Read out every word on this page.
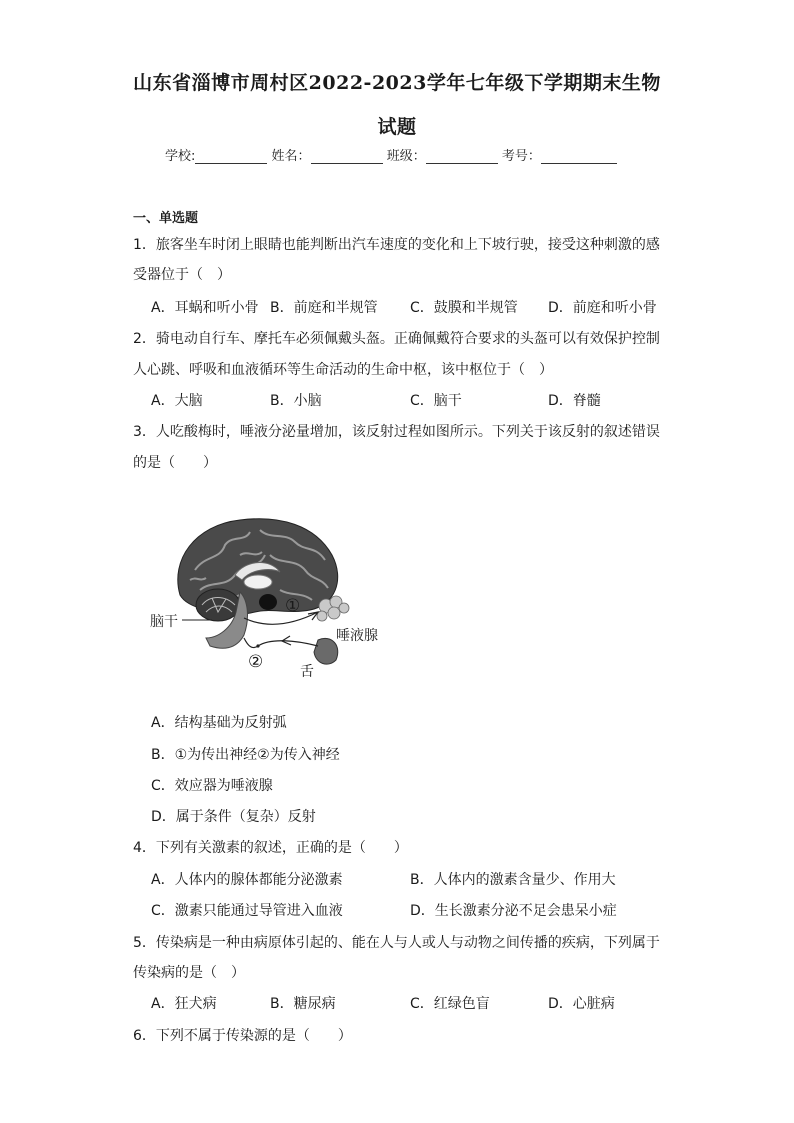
山东省淄博市周村区2022-2023学年七年级下学期期末生物
试题
学校:	姓名：	班级：	考号：
一、单选题
1．旅客坐车时闭上眼睛也能判断出汽车速度的变化和上下坡行驶，接受这种刺激的感
受器位于（　）
A．耳蜗和听小骨 B．前庭和半规管 C．鼓膜和半规管 D．前庭和听小骨
2．骑电动自行车、摩托车必须佩戴头盔。正确佩戴符合要求的头盔可以有效保护控制
人心跳、呼吸和血液循环等生命活动的生命中枢，该中枢位于（　）
A．大脑	B．小脑	C．脑干	D．脊髓
3．人吃酸梅时，唾液分泌量增加，该反射过程如图所示。下列关于该反射的叙述错误
的是（　　）
脑干
①
②
唾液腺
舌
A．结构基础为反射弧
B．①为传出神经②为传入神经
C．效应器为唾液腺
D．属于条件（复杂）反射
4．下列有关激素的叙述，正确的是（　　）
A．人体内的腺体都能分泌激素	B．人体内的激素含量少、作用大
C．激素只能通过导管进入血液	D．生长激素分泌不足会患呆小症
5．传染病是一种由病原体引起的、能在人与人或人与动物之间传播的疾病，下列属于
传染病的是（　）
A．狂犬病	B．糖尿病	C．红绿色盲	D．心脏病
6．下列不属于传染源的是（　　）
